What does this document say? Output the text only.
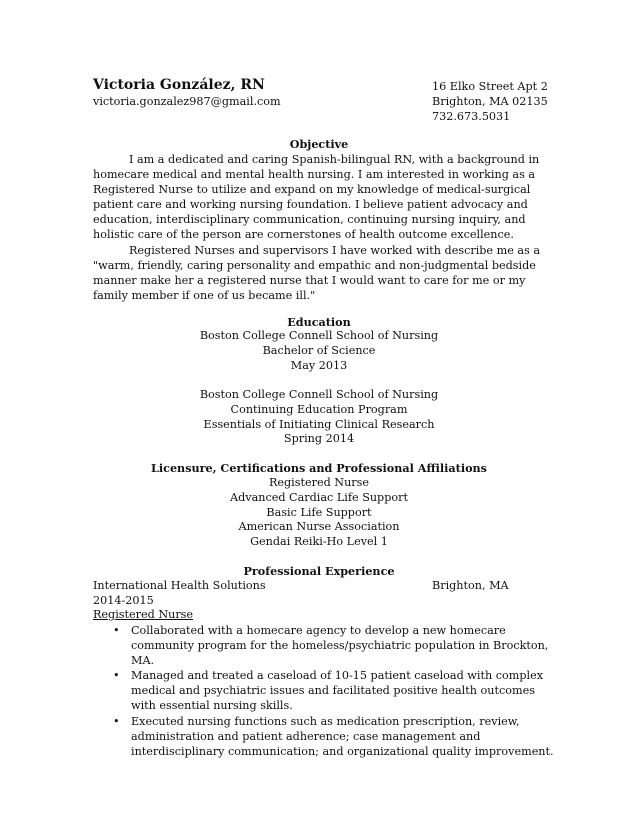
Victoria González, RN
victoria.gonzalez987@gmail.com
16 Elko Street Apt 2
Brighton, MA 02135
732.673.5031
Objective

I am a dedicated and caring Spanish-bilingual RN, with a background in homecare medical and mental health nursing. I am interested in working as a Registered Nurse to utilize and expand on my knowledge of medical-surgical patient care and working nursing foundation. I believe patient advocacy and education, interdisciplinary communication, continuing nursing inquiry, and holistic care of the person are cornerstones of health outcome excellence.

Registered Nurses and supervisors I have worked with describe me as a "warm, friendly, caring personality and empathic and non-judgmental bedside manner make her a registered nurse that I would want to care for me or my family member if one of us became ill."

Education
Boston College Connell School of Nursing
Bachelor of Science
May 2013
Boston College Connell School of Nursing
Continuing Education Program
Essentials of Initiating Clinical Research
Spring 2014
Licensure, Certifications and Professional Affiliations
Registered Nurse
Advanced Cardiac Life Support
Basic Life Support
American Nurse Association
Gendai Reiki-Ho Level 1
Professional Experience
International Health Solutions	Brighton, MA
2014-2015
Registered Nurse
• Collaborated with a homecare agency to develop a new homecare community program for the homeless/psychiatric population in Brockton, MA.
• Managed and treated a caseload of 10-15 patient caseload with complex medical and psychiatric issues and facilitated positive health outcomes with essential nursing skills.
• Executed nursing functions such as medication prescription, review, administration and patient adherence; case management and interdisciplinary communication; and organizational quality improvement.
